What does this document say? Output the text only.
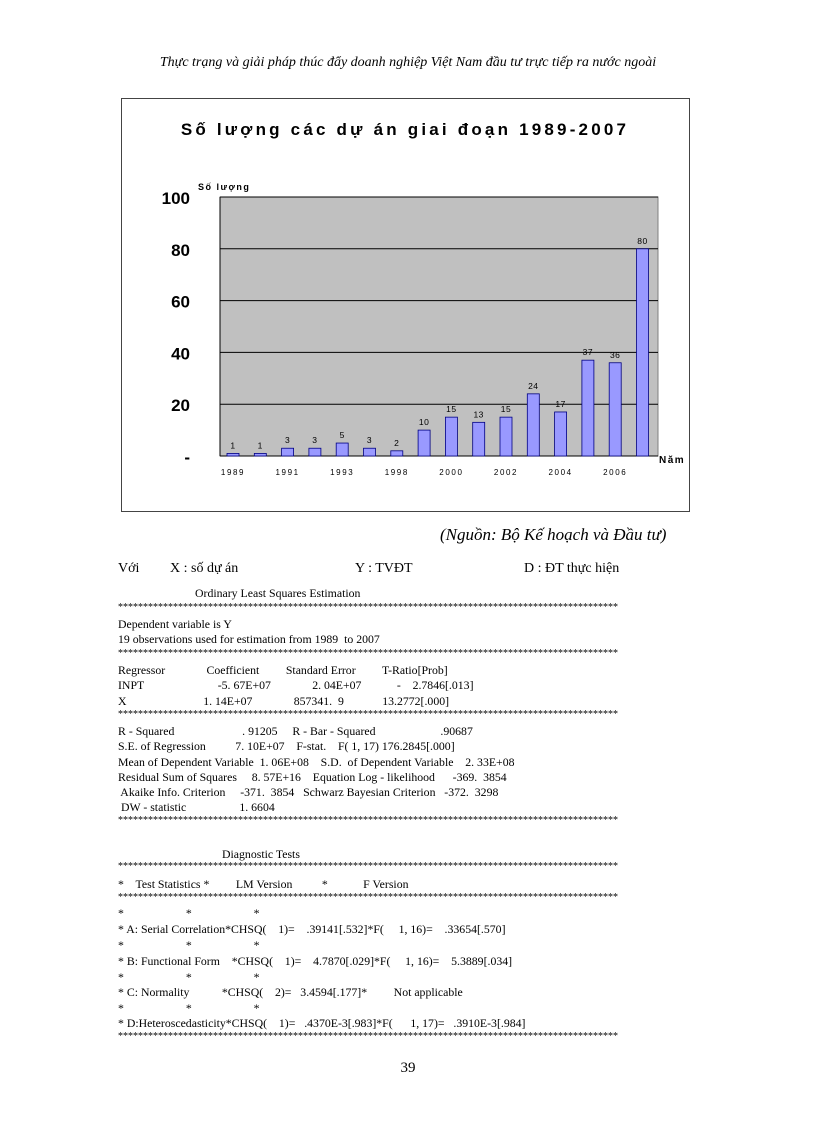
Thực trạng và giải pháp thúc đẩy doanh nghiệp Việt Nam đầu tư trực tiếp ra nước ngoài
Số lượng các dự án giai đoạn 1989-2007
Số lượng
Năm
-
20
40
60
80
100
1	1
3	3
5
3	2
10
15
13
15
24
17
37 36
80
1989	1991	1993	1998	2000	2002	2004	2006
(Nguồn: Bộ Kế hoạch và Đầu tư)
Với X : số dự án	Y : TVĐT	D : ĐT thực hiện
Ordinary Least Squares Estimation
****************************************************************************************************
Dependent variable is Y
19 observations used for estimation from 1989  to 2007
****************************************************************************************************
Regressor              Coefficient         Standard Error         T-Ratio[Prob]
INPT                         -5. 67E+07              2. 04E+07            -    2.7846[.013]
X                          1. 14E+07              857341.  9             13.2772[.000]
****************************************************************************************************
R - Squared                       . 91205     R - Bar - Squared                      .90687
S.E. of Regression          7. 10E+07    F-stat.    F( 1, 17) 176.2845[.000]
Mean of Dependent Variable  1. 06E+08    S.D.  of Dependent Variable    2. 33E+08
Residual Sum of Squares     8. 57E+16    Equation Log - likelihood      -369.  3854
Akaike Info. Criterion     -371.  3854   Schwarz Bayesian Criterion   -372.  3298
DW - statistic                  1. 6604
****************************************************************************************************
Diagnostic Tests
****************************************************************************************************
*    Test Statistics *         LM Version          *            F Version
****************************************************************************************************
*                     *                     *
* A: Serial Correlation*CHSQ(    1)=    .39141[.532]*F(     1, 16)=    .33654[.570]
*                     *                     *
* B: Functional Form    *CHSQ(    1)=    4.7870[.029]*F(     1, 16)=    5.3889[.034]
*                     *                     *
* C: Normality           *CHSQ(    2)=   3.4594[.177]*         Not applicable
*                     *                     *
* D:Heteroscedasticity*CHSQ(    1)=   .4370E-3[.983]*F(      1, 17)=   .3910E-3[.984]
****************************************************************************************************
39
